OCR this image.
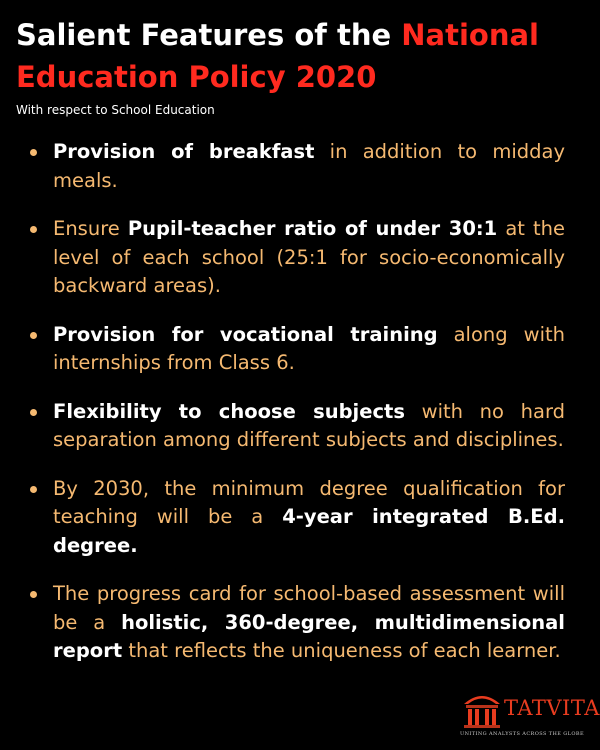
Salient Features of the National Education Policy 2020
With respect to School Education
Provision of breakfast in addition to midday meals.
Ensure Pupil-teacher ratio of under 30:1 at the level of each school (25:1 for socio-economically backward areas).
Provision for vocational training along with internships from Class 6.
Flexibility to choose subjects with no hard separation among different subjects and disciplines.
By 2030, the minimum degree qualification for teaching will be a 4-year integrated B.Ed. degree.
The progress card for school-based assessment will be a holistic, 360-degree, multidimensional report that reflects the uniqueness of each learner.
TATVITA
UNITING ANALYSTS ACROSS THE GLOBE
